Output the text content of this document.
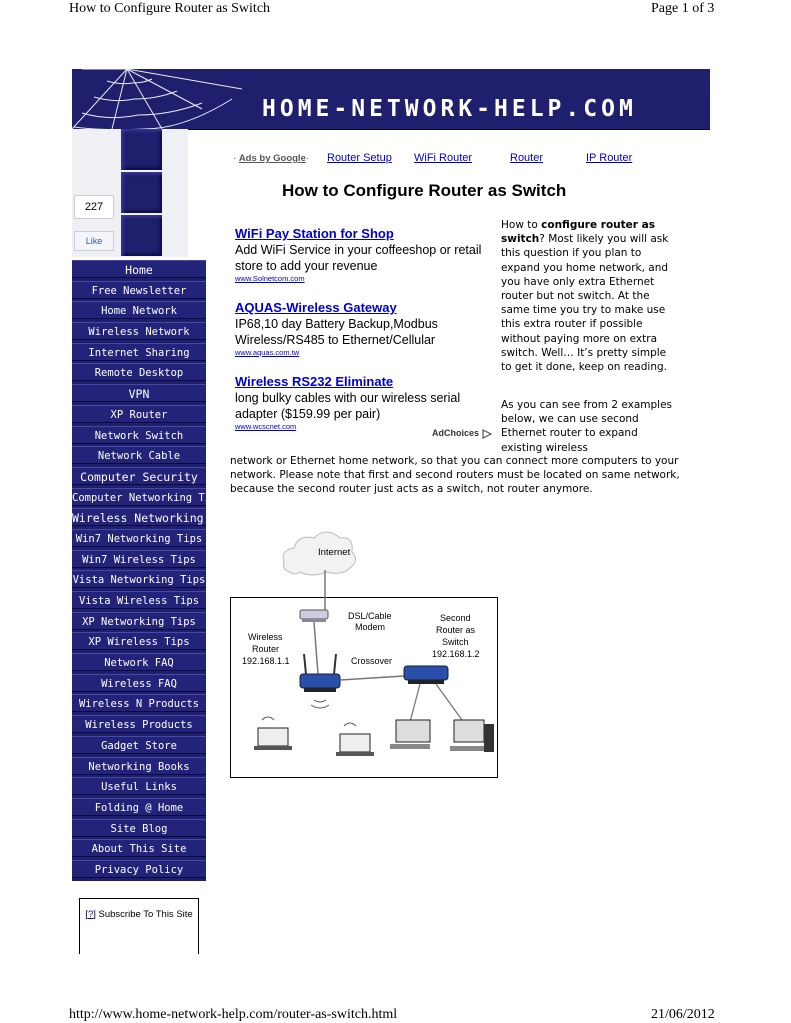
How to Configure Router as Switch	Page 1 of 3
http://www.home-network-help.com/router-as-switch.html	21/06/2012
HOME-NETWORK-HELP.COM
227
Like
Home
Free Newsletter
Home Network
Wireless Network
Internet Sharing
Remote Desktop
VPN
XP Router
Network Switch
Network Cable
Computer Security
Computer Networking Tips
Wireless Networking Tips
Win7 Networking Tips
Win7 Wireless Tips
Vista Networking Tips
Vista Wireless Tips
XP Networking Tips
XP Wireless Tips
Network FAQ
Wireless FAQ
Wireless N Products
Wireless Products
Gadget Store
Networking Books
Useful Links
Folding @ Home
Site Blog
About This Site
Privacy Policy
[?] Subscribe To This Site
· Ads by Google· Router Setup WiFi Router	Router	IP Router
How to Configure Router as Switch
WiFi Pay Station for Shop
Add WiFi Service in your coffeeshop or retail store to add your revenue
www.Solnetcom.com
AQUAS-Wireless Gateway
IP68,10 day Battery Backup,Modbus Wireless/RS485 to Ethernet/Cellular
www.aquas.com.tw
Wireless RS232 Eliminate
long bulky cables with our wireless serial adapter ($159.99 per pair)
www.wcscnet.com
AdChoices
How to configure router as switch? Most likely you will ask this question if you plan to expand you home network, and you have only extra Ethernet router but not switch. At the same time you try to make use this extra router if possible without paying more on extra switch. Well… It’s pretty simple to get it done, keep on reading.
As you can see from 2 examples below, we can use second Ethernet router to expand existing wireless
network or Ethernet home network, so that you can connect more computers to your network. Please note that first and second routers must be located on same network, because the second router just acts as a switch, not router anymore.
Internet
DSL/Cable
Modem
Wireless
Router
192.168.1.1	Crossover
Second
Router as
Switch
192.168.1.2
